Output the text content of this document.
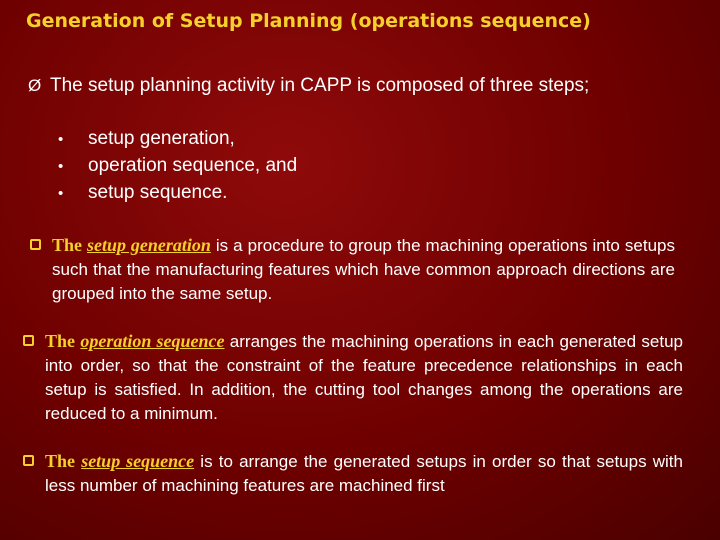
Generation of Setup Planning (operations sequence)
Ø The setup planning activity in CAPP is composed of three steps;
• setup generation,
• operation sequence, and
• setup sequence.
The setup generation is a procedure to group the machining operations into setups such that the manufacturing features which have common approach directions are grouped into the same setup.
The operation sequence arranges the machining operations in each generated setup into order, so that the constraint of the feature precedence relationships in each setup is satisfied. In addition, the cutting tool changes among the operations are reduced to a minimum.
The setup sequence is to arrange the generated setups in order so that setups with less number of machining features are machined first
